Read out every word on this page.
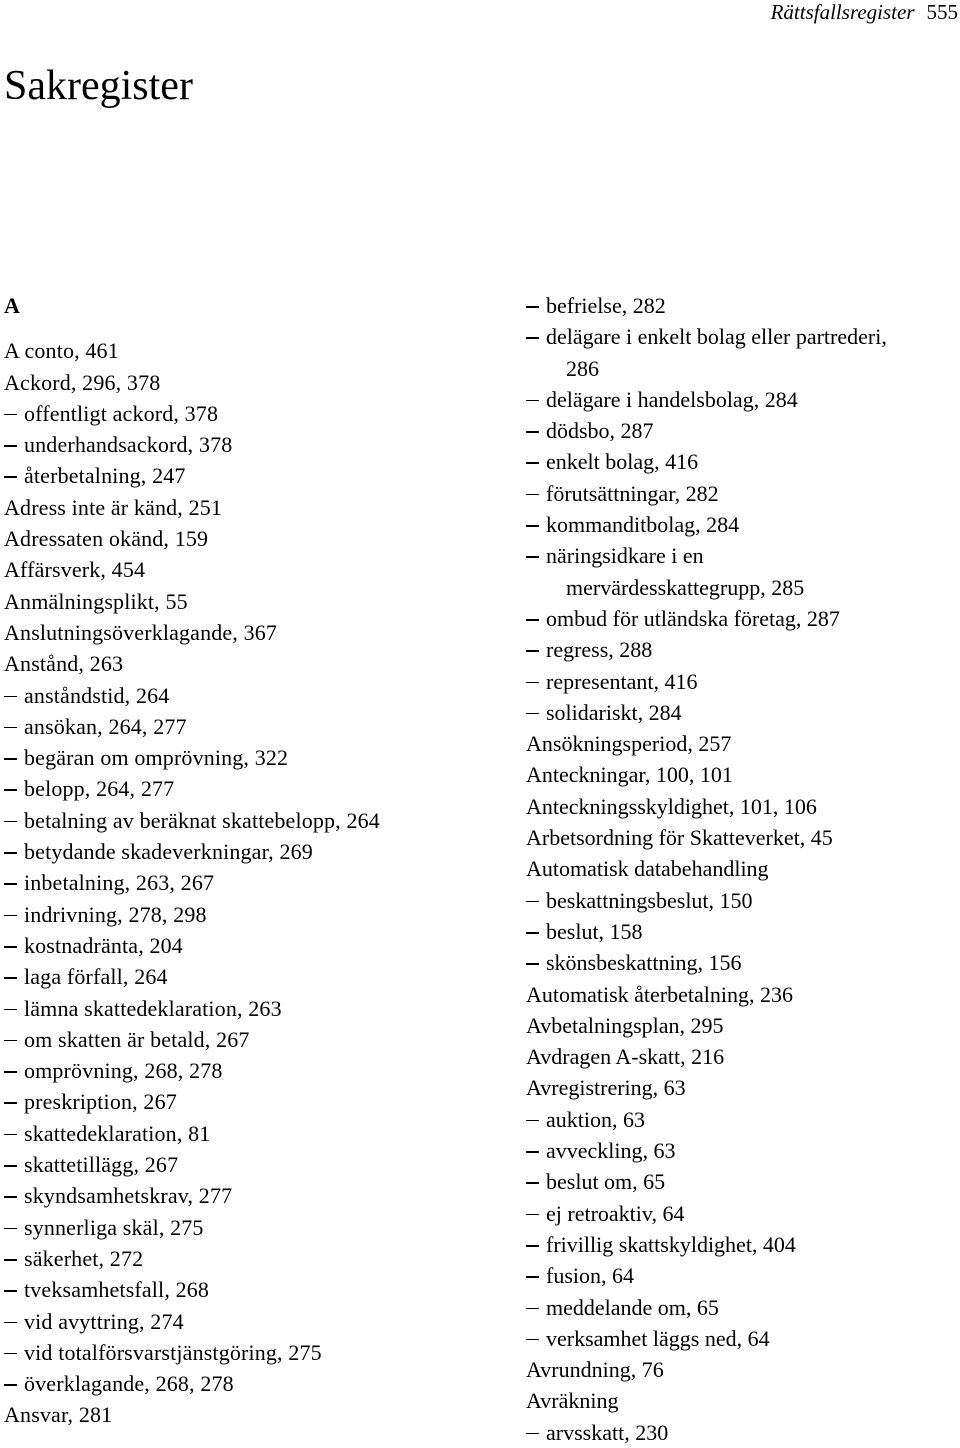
Rättsfallsregister 555
Sakregister
A
A conto, 461
Ackord, 296, 378
offentligt ackord, 378
underhandsackord, 378
återbetalning, 247
Adress inte är känd, 251
Adressaten okänd, 159
Affärsverk, 454
Anmälningsplikt, 55
Anslutningsöverklagande, 367
Anstånd, 263
anståndstid, 264
ansökan, 264, 277
begäran om omprövning, 322
belopp, 264, 277
betalning av beräknat skattebelopp, 264
betydande skadeverkningar, 269
inbetalning, 263, 267
indrivning, 278, 298
kostnadränta, 204
laga förfall, 264
lämna skattedeklaration, 263
om skatten är betald, 267
omprövning, 268, 278
preskription, 267
skattedeklaration, 81
skattetillägg, 267
skyndsamhetskrav, 277
synnerliga skäl, 275
säkerhet, 272
tveksamhetsfall, 268
vid avyttring, 274
vid totalförsvarstjänstgöring, 275
överklagande, 268, 278
Ansvar, 281
befrielse, 282
delägare i enkelt bolag eller partrederi,
286
delägare i handelsbolag, 284
dödsbo, 287
enkelt bolag, 416
förutsättningar, 282
kommanditbolag, 284
näringsidkare i en
mervärdesskattegrupp, 285
ombud för utländska företag, 287
regress, 288
representant, 416
solidariskt, 284
Ansökningsperiod, 257
Anteckningar, 100, 101
Anteckningsskyldighet, 101, 106
Arbetsordning för Skatteverket, 45
Automatisk databehandling
beskattningsbeslut, 150
beslut, 158
skönsbeskattning, 156
Automatisk återbetalning, 236
Avbetalningsplan, 295
Avdragen A-skatt, 216
Avregistrering, 63
auktion, 63
avveckling, 63
beslut om, 65
ej retroaktiv, 64
frivillig skattskyldighet, 404
fusion, 64
meddelande om, 65
verksamhet läggs ned, 64
Avrundning, 76
Avräkning
arvsskatt, 230
